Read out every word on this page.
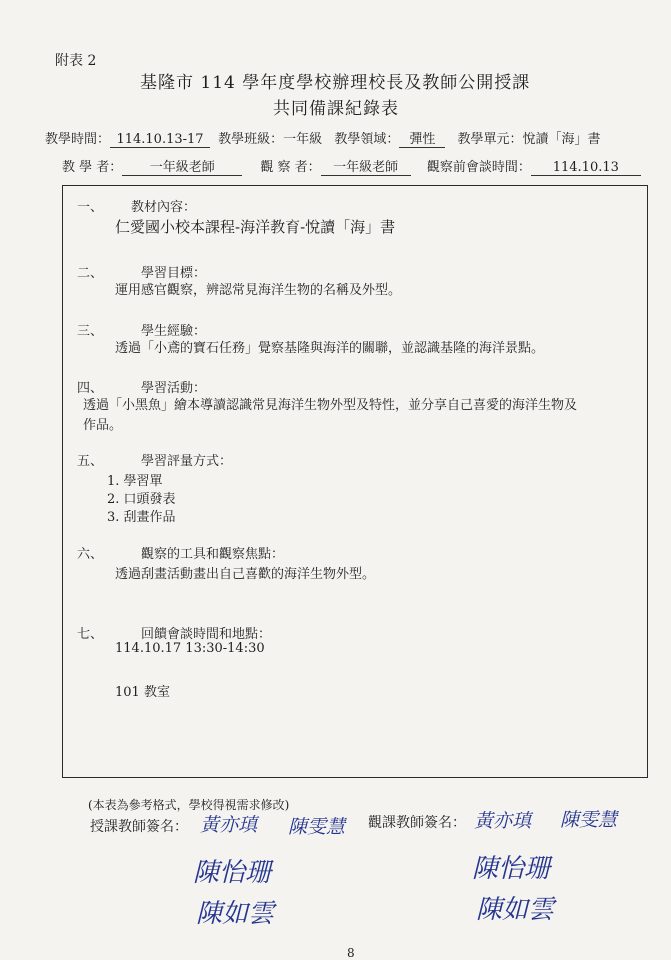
附表 2
基隆市 114 學年度學校辦理校長及教師公開授課
共同備課紀錄表
教學時間： 114.10.13-17 教學班級：一年級 教學領域： 彈性 教學單元：悅讀「海」書
教 學 者： 一年級老師	觀 察 者： 一年級老師 觀察前會談時間： 114.10.13
一、 教材內容：
仁愛國小校本課程-海洋教育-悅讀「海」書
二、	學習目標：
運用感官觀察，辨認常見海洋生物的名稱及外型。
三、	學生經驗：
透過「小鳶的寶石任務」覺察基隆與海洋的關聯，並認識基隆的海洋景點。
四、	學習活動：
透過「小黑魚」繪本導讀認識常見海洋生物外型及特性，並分享自己喜愛的海洋生物及
作品。
五、	學習評量方式：
1. 學習單
2. 口頭發表
3. 刮畫作品
六、	觀察的工具和觀察焦點：
透過刮畫活動畫出自己喜歡的海洋生物外型。
七、	回饋會談時間和地點：
114.10.17 13:30-14:30
101 教室
(本表為參考格式，學校得視需求修改)
授課教師簽名：	觀課教師簽名：
黃亦瑱 陳雯慧
陳怡珊
陳如雲
黃亦瑱 陳雯慧
陳怡珊
陳如雲
8
